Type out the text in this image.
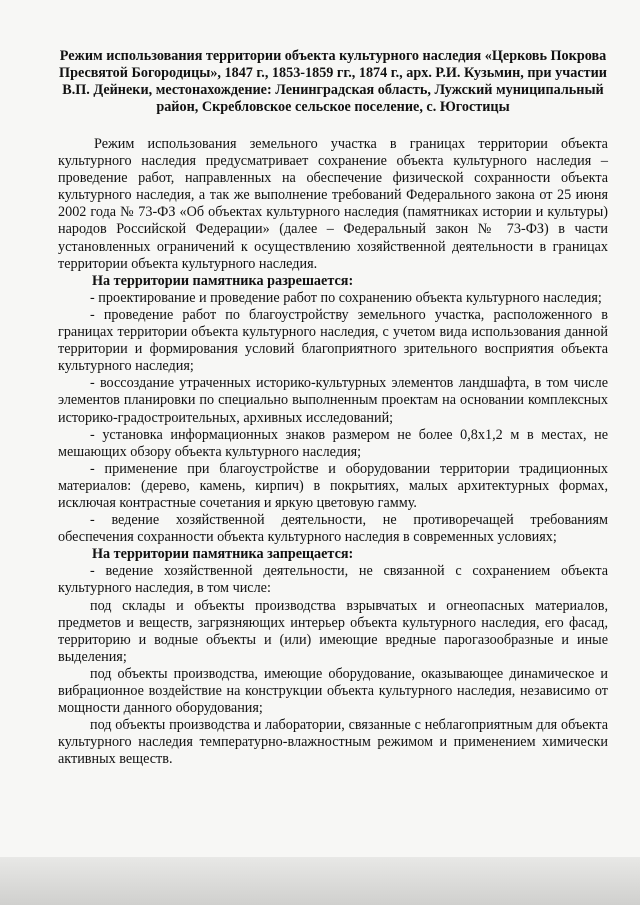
Режим использования территории объекта культурного наследия «Церковь Покрова Пресвятой Богородицы», 1847 г., 1853-1859 гг., 1874 г., арх. Р.И. Кузьмин, при участии В.П. Дейнеки, местонахождение: Ленинградская область, Лужский муниципальный район, Скребловское сельское поселение, с. Югостицы

Режим использования земельного участка в границах территории объекта культурного наследия предусматривает сохранение объекта культурного наследия – проведение работ, направленных на обеспечение физической сохранности объекта культурного наследия, а так же выполнение требований Федерального закона от 25 июня 2002 года № 73-ФЗ «Об объектах культурного наследия (памятниках истории и культуры) народов Российской Федерации» (далее – Федеральный закон № 73-ФЗ) в части установленных ограничений к осуществлению хозяйственной деятельности в границах территории объекта культурного наследия.

На территории памятника разрешается:

- проектирование и проведение работ по сохранению объекта культурного наследия;

- проведение работ по благоустройству земельного участка, расположенного в границах территории объекта культурного наследия, с учетом вида использования данной территории и формирования условий благоприятного зрительного восприятия объекта культурного наследия;

- воссоздание утраченных историко-культурных элементов ландшафта, в том числе элементов планировки по специально выполненным проектам на основании комплексных историко-градостроительных, архивных исследований;

- установка информационных знаков размером не более 0,8х1,2 м в местах, не мешающих обзору объекта культурного наследия;

- применение при благоустройстве и оборудовании территории традиционных материалов: (дерево, камень, кирпич) в покрытиях, малых архитектурных формах, исключая контрастные сочетания и яркую цветовую гамму.

- ведение хозяйственной деятельности, не противоречащей требованиям обеспечения сохранности объекта культурного наследия в современных условиях;

На территории памятника запрещается:

- ведение хозяйственной деятельности, не связанной с сохранением объекта культурного наследия, в том числе:

под склады и объекты производства взрывчатых и огнеопасных материалов, предметов и веществ, загрязняющих интерьер объекта культурного наследия, его фасад, территорию и водные объекты и (или) имеющие вредные парогазообразные и иные выделения;

под объекты производства, имеющие оборудование, оказывающее динамическое и вибрационное воздействие на конструкции объекта культурного наследия, независимо от мощности данного оборудования;

под объекты производства и лаборатории, связанные с неблагоприятным для объекта культурного наследия температурно-влажностным режимом и применением химически активных веществ.
